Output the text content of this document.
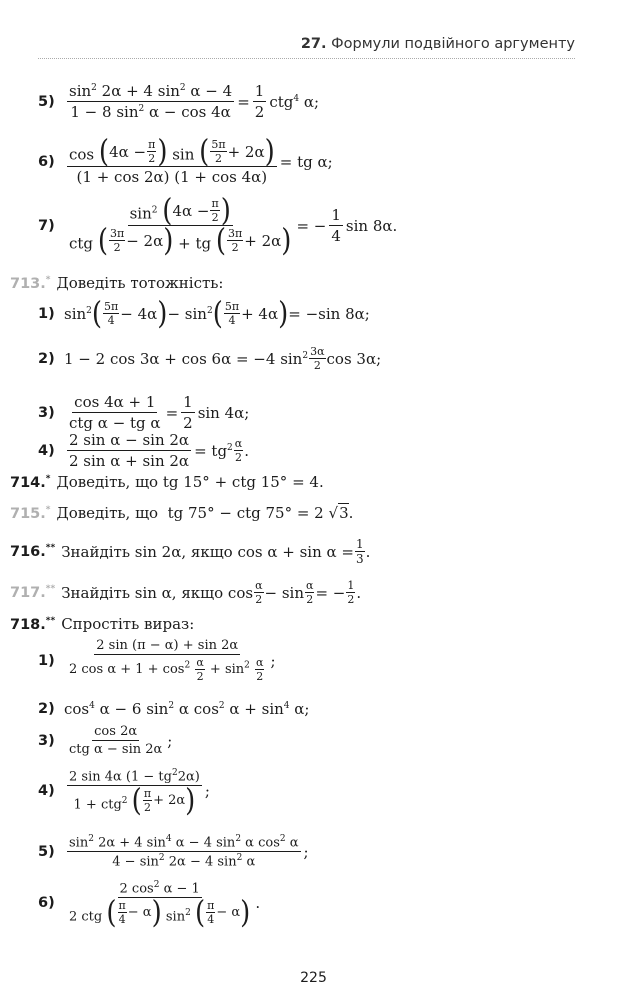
27. Формули подвійного аргументу
$5) \frac{\sin^2 2\alpha + 4 \sin^2 \alpha - 4}{1 - 8 \sin^2 \alpha - \cos 4\alpha} = \frac{1}{2} ctg^4$ α;
6) cos ( 4α − π
2
) sin
( 5π
2 + 2α )
(1 + cos 2α) (1 + cos 4α) = tg α;
7)
$\sin^2$ ( 4α − π
2
)
ctg
( 3π
2 − 2α ) + tg
( 3π
2 + 2α )
= − $\frac{1}{4}$ sin 8α.
713.* Доведіть тотожність:
1) $\sin^2$ ( 5π
4 − 4α ) − $\sin^2$ ( 5π
4 + 4α ) = −sin 8α;
2) 1 − 2 cos 3α + cos 6α = −4 $\sin^2 3\alpha$
2 cos 3α;
3)
cos 4α + 1
ctg α − tg α
= $\frac{1}{2}$ sin 4α;
$4) \frac{\text{2 sin α − sin 2α}}{\text{2 sin α + sin 2α}} = tg^2$ α
2 .
714.* Доведіть, що tg 15° + ctg 15° = 4.
715.* Доведіть, що tg 75° − ctg 75° = 2 √3.
716.** Знайдіть sin 2α, якщо $\cos \alpha + \sin \alpha = \frac{1}{3}$ .
717.** Знайдіть sin α, якщо cos α
$2 - \sin \frac{\alpha}{2}$ = − $\frac{1}{2}$ .
718.** Спростіть вираз:
1)
2 sin (π − α) + sin 2α
2 $\cos \alpha + 1 + \cos^2 \frac{\alpha}{2} + \sin^2 \frac{\alpha}{2}$ ;
2) $\cos^4 \alpha - 6$ $\sin^2 \alpha$ $\cos^2 \alpha + \sin^4 \alpha$;
3)
cos 2α
ctg α − sin 2α ;
4)
2 sin 4α $(1 - tg^22\alpha)$
1 + ctg$^2$
( π
2 + 2α )
;
5)
$\sin^2 2\alpha + 4$ $\sin^4 \alpha - 4$ $\sin^2 \alpha$ $\cos^2 \alpha$
$4 - \sin^2 2\alpha - 4$ $\sin^2 \alpha$
;
6)
2 $\cos^2 \alpha - 1$
2 ctg
( π
4 − α ) $\sin^2$
( π
4 − α )
.
225
